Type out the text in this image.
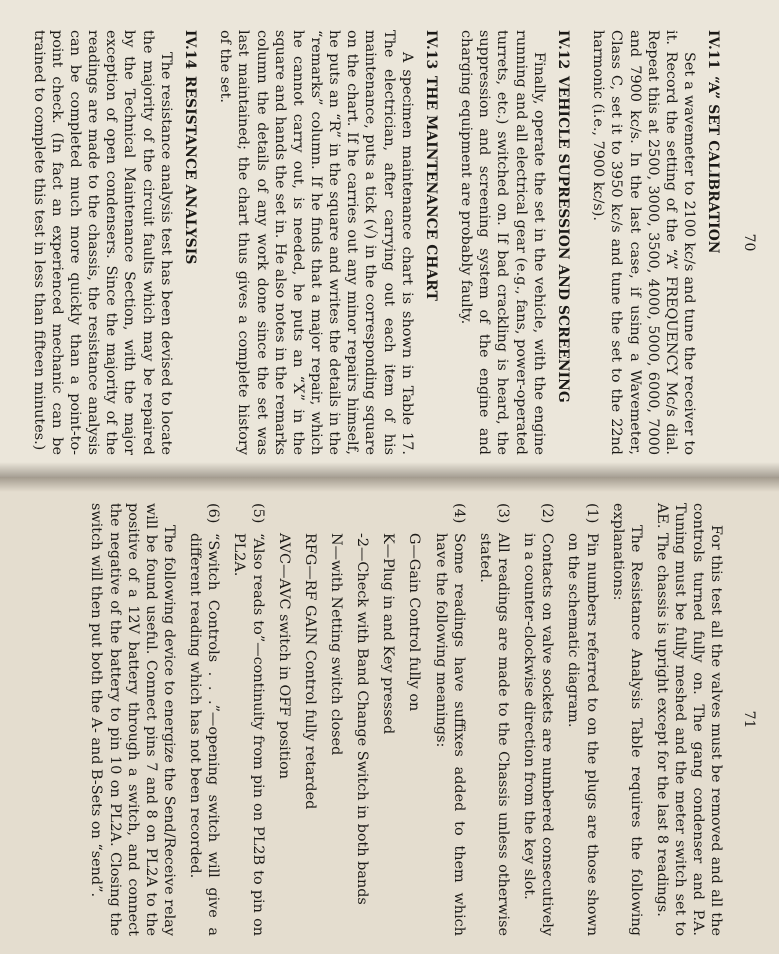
70
IV.11“A” SET CALIBRATION

Set a wavemeter to 2100 kc/s and tune the receiver to it. Record the setting of the “A” FREQUENCY Mc/s dial. Repeat this at 2500, 3000, 3500, 4000, 5000, 6000, 7000 and 7900 kc/s. In the last case, if using a Wavemeter, Class C, set it to 3950 kc/s and tune the set to the 22nd harmonic (i.e., 7900 kc/s).

IV.12VEHICLE SUPRESSION AND SCREENING

Finally, operate the set in the vehicle, with the engine running and all electrical gear (e.g., fans, power-operated turrets, etc.) switched on. If bad crackling is heard, the suppression and screening system of the engine and charging equipment are probably faulty.

IV.13THE MAINTENANCE CHART

A specimen maintenance chart is shown in Table 17. The electrician, after carrying out each item of his maintenance, puts a tick (√) in the corresponding square on the chart. If he carries out any minor repairs himself, he puts an “R” in the square and writes the details in the “remarks” column. If he finds that a major repair, which he cannot carry out, is needed, he puts an “X” in the square and hands the set in. He also notes in the remarks column the details of any work done since the set was last maintained; the chart thus gives a complete history of the set.

IV.14RESISTANCE ANALYSIS

The resistance analysis test has been devised to locate the majority of the circuit faults which may be repaired by the Technical Maintenance Section, with the major exception of open condensers. Since the majority of the readings are made to the chassis, the resistance analysis can be completed much more quickly than a point-to-point check. (In fact an experienced mechanic can be trained to complete this test in less than fifteen minutes.)

71

For this test all the valves must be removed and all the controls turned fully on. The gang condenser and P.A. Tuning must be fully meshed and the meter switch set to AE. The chassis is upright except for the last 8 readings.

The Resistance Analysis Table requires the following explanations:

(1)
Pin numbers referred to on the plugs are those shown on the schematic diagram.
(2)
Contacts on valve sockets are numbered consecutively in a counter-clockwise direction from the key slot.
(3)
All readings are made to the Chassis unless otherwise stated.
(4)
Some readings have suffixes added to them which have the following meanings:
G—Gain Control fully on
K—Plug in and Key pressed
-2—Check with Band Change Switch in both bands
N—with Netting switch closed
RFG—RF GAIN Control fully retarded
AVC—AVC switch in OFF position
(5)
“Also reads to”—continuity from pin on PL2B to pin on PL2A.
(6)
“Switch Controls . . .”—opening switch will give a different reading which has not been recorded.

The following device to energize the Send/Receive relay will be found useful. Connect pins 7 and 8 on PL2A to the positive of a 12V battery through a switch, and connect the negative of the battery to pin 10 on PL2A. Closing the switch will then put both the A- and B-Sets on “send”.
